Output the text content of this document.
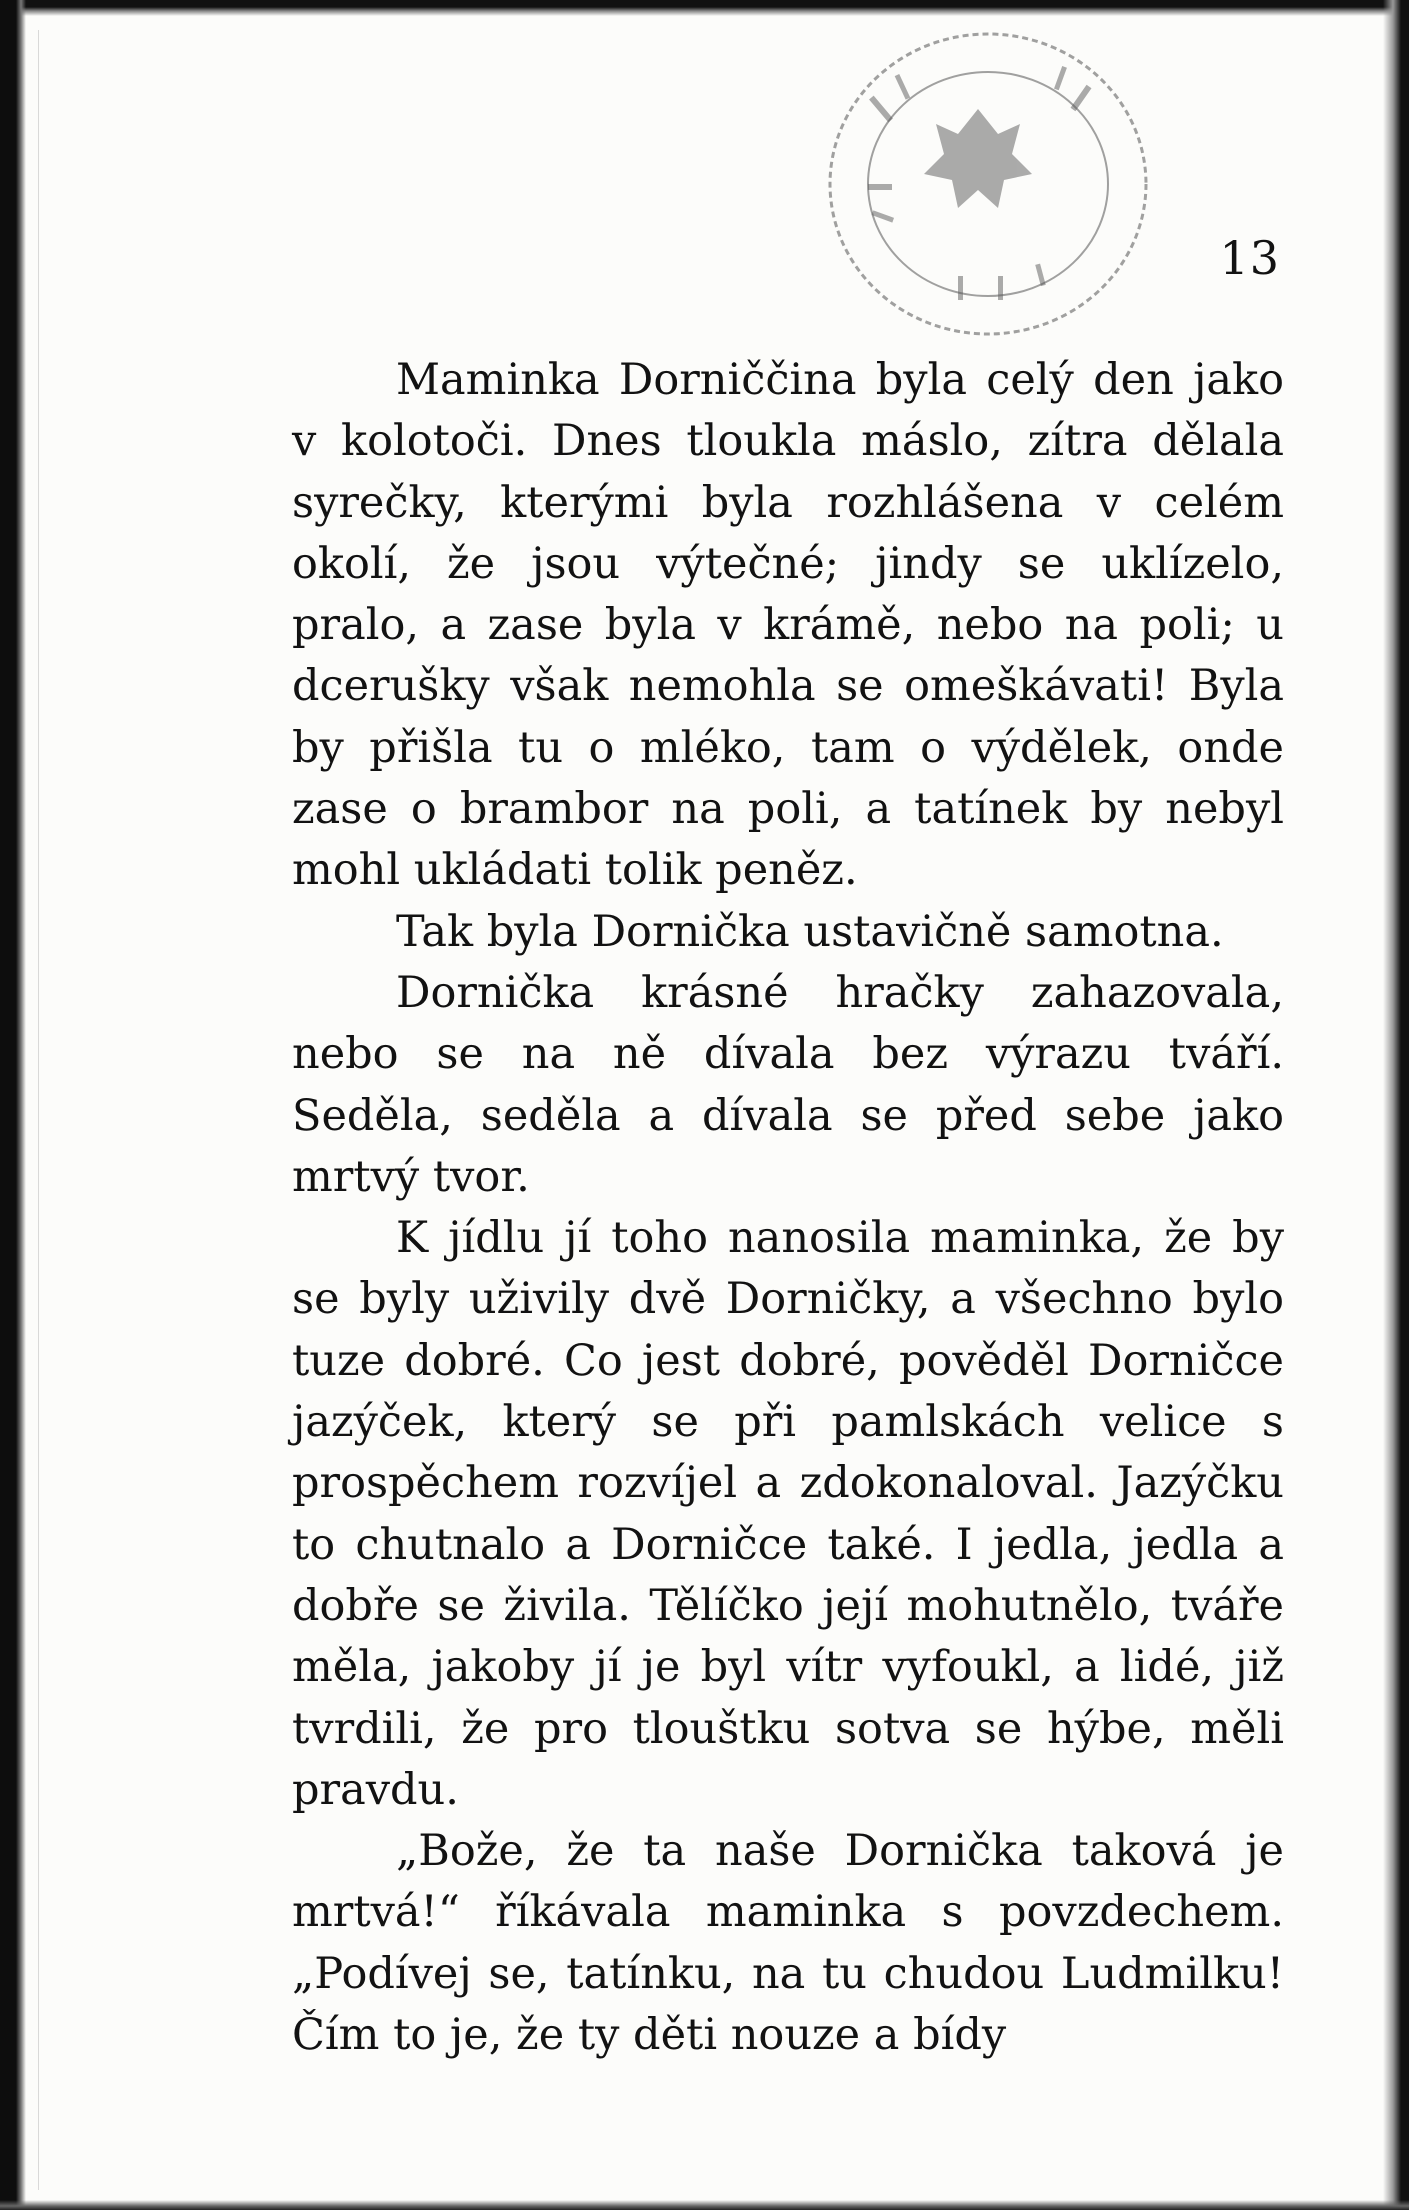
13

Maminka Dorniččina byla celý den jako v kolotoči. Dnes tloukla máslo, zítra dělala syrečky, kterými byla rozhlášena v celém okolí, že jsou výtečné; jindy se uklízelo, pralo, a zase byla v krámě, nebo na poli; u dcerušky však nemohla se omeškávati! Byla by přišla tu o mléko, tam o výdělek, onde zase o brambor na poli, a tatínek by nebyl mohl ukládati tolik peněz.

Tak byla Dornička ustavičně samotna.

Dornička krásné hračky zahazovala, nebo se na ně dívala bez výrazu tváří. Seděla, seděla a dívala se před sebe jako mrtvý tvor.

K jídlu jí toho nanosila maminka, že by se byly uživily dvě Dorničky, a všechno bylo tuze dobré. Co jest dobré, pověděl Dorničce jazýček, který se při pamlskách velice s prospěchem rozvíjel a zdokonaloval. Jazýčku to chutnalo a Dorničce také. I jedla, jedla a dobře se živila. Tělíčko její mohutnělo, tváře měla, jakoby jí je byl vítr vyfoukl, a lidé, již tvrdili, že pro tlouštku sotva se hýbe, měli pravdu.

„Bože, že ta naše Dornička taková je mrtvá!“ říkávala maminka s povzdechem. „Podívej se, tatínku, na tu chudou Ludmilku! Čím to je, že ty děti nouze a bídy
